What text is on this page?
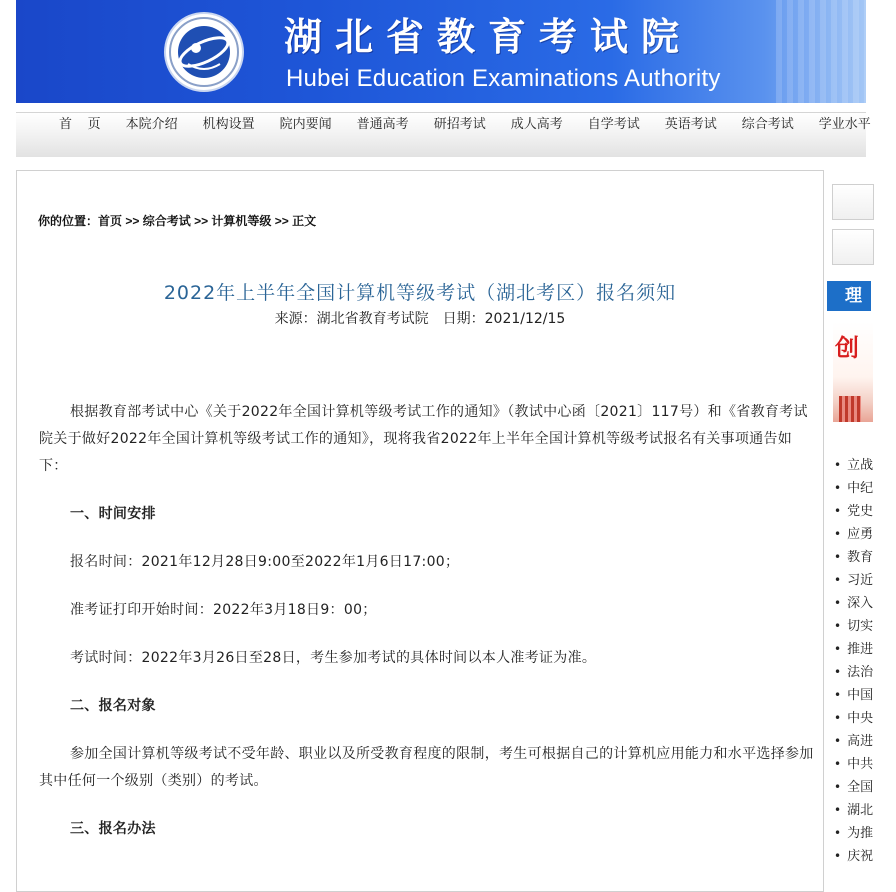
湖北省教育考试院
Hubei Education Examinations Authority
首 页 本院介绍 机构设置 院内要闻 普通高考 研招考试 成人高考 自学考试 英语考试 综合考试 学业水平
你的位置：首页 >> 综合考试 >> 计算机等级 >> 正文
2022年上半年全国计算机等级考试（湖北考区）报名须知
来源：湖北省教育考试院 日期：2021/12/15

根据教育部考试中心《关于2022年全国计算机等级考试工作的通知》（教试中心函〔2021〕117号）和《省教育考试院关于做好2022年全国计算机等级考试工作的通知》，现将我省2022年上半年全国计算机等级考试报名有关事项通告如下：

一、时间安排

报名时间：2021年12月28日9:00至2022年1月6日17:00；

准考证打印开始时间：2022年3月18日9：00；

考试时间：2022年3月26日至28日，考生参加考试的具体时间以本人准考证为准。

二、报名对象

参加全国计算机等级考试不受年龄、职业以及所受教育程度的限制，考生可根据自己的计算机应用能力和水平选择参加其中任何一个级别（类别）的考试。

三、报名办法

理
创
• 立战
• 中纪
• 党史
• 应勇
• 教育
• 习近
• 深入
• 切实
• 推进
• 法治
• 中国
• 中央
• 高进
• 中共
• 全国
• 湖北
• 为推
• 庆祝
